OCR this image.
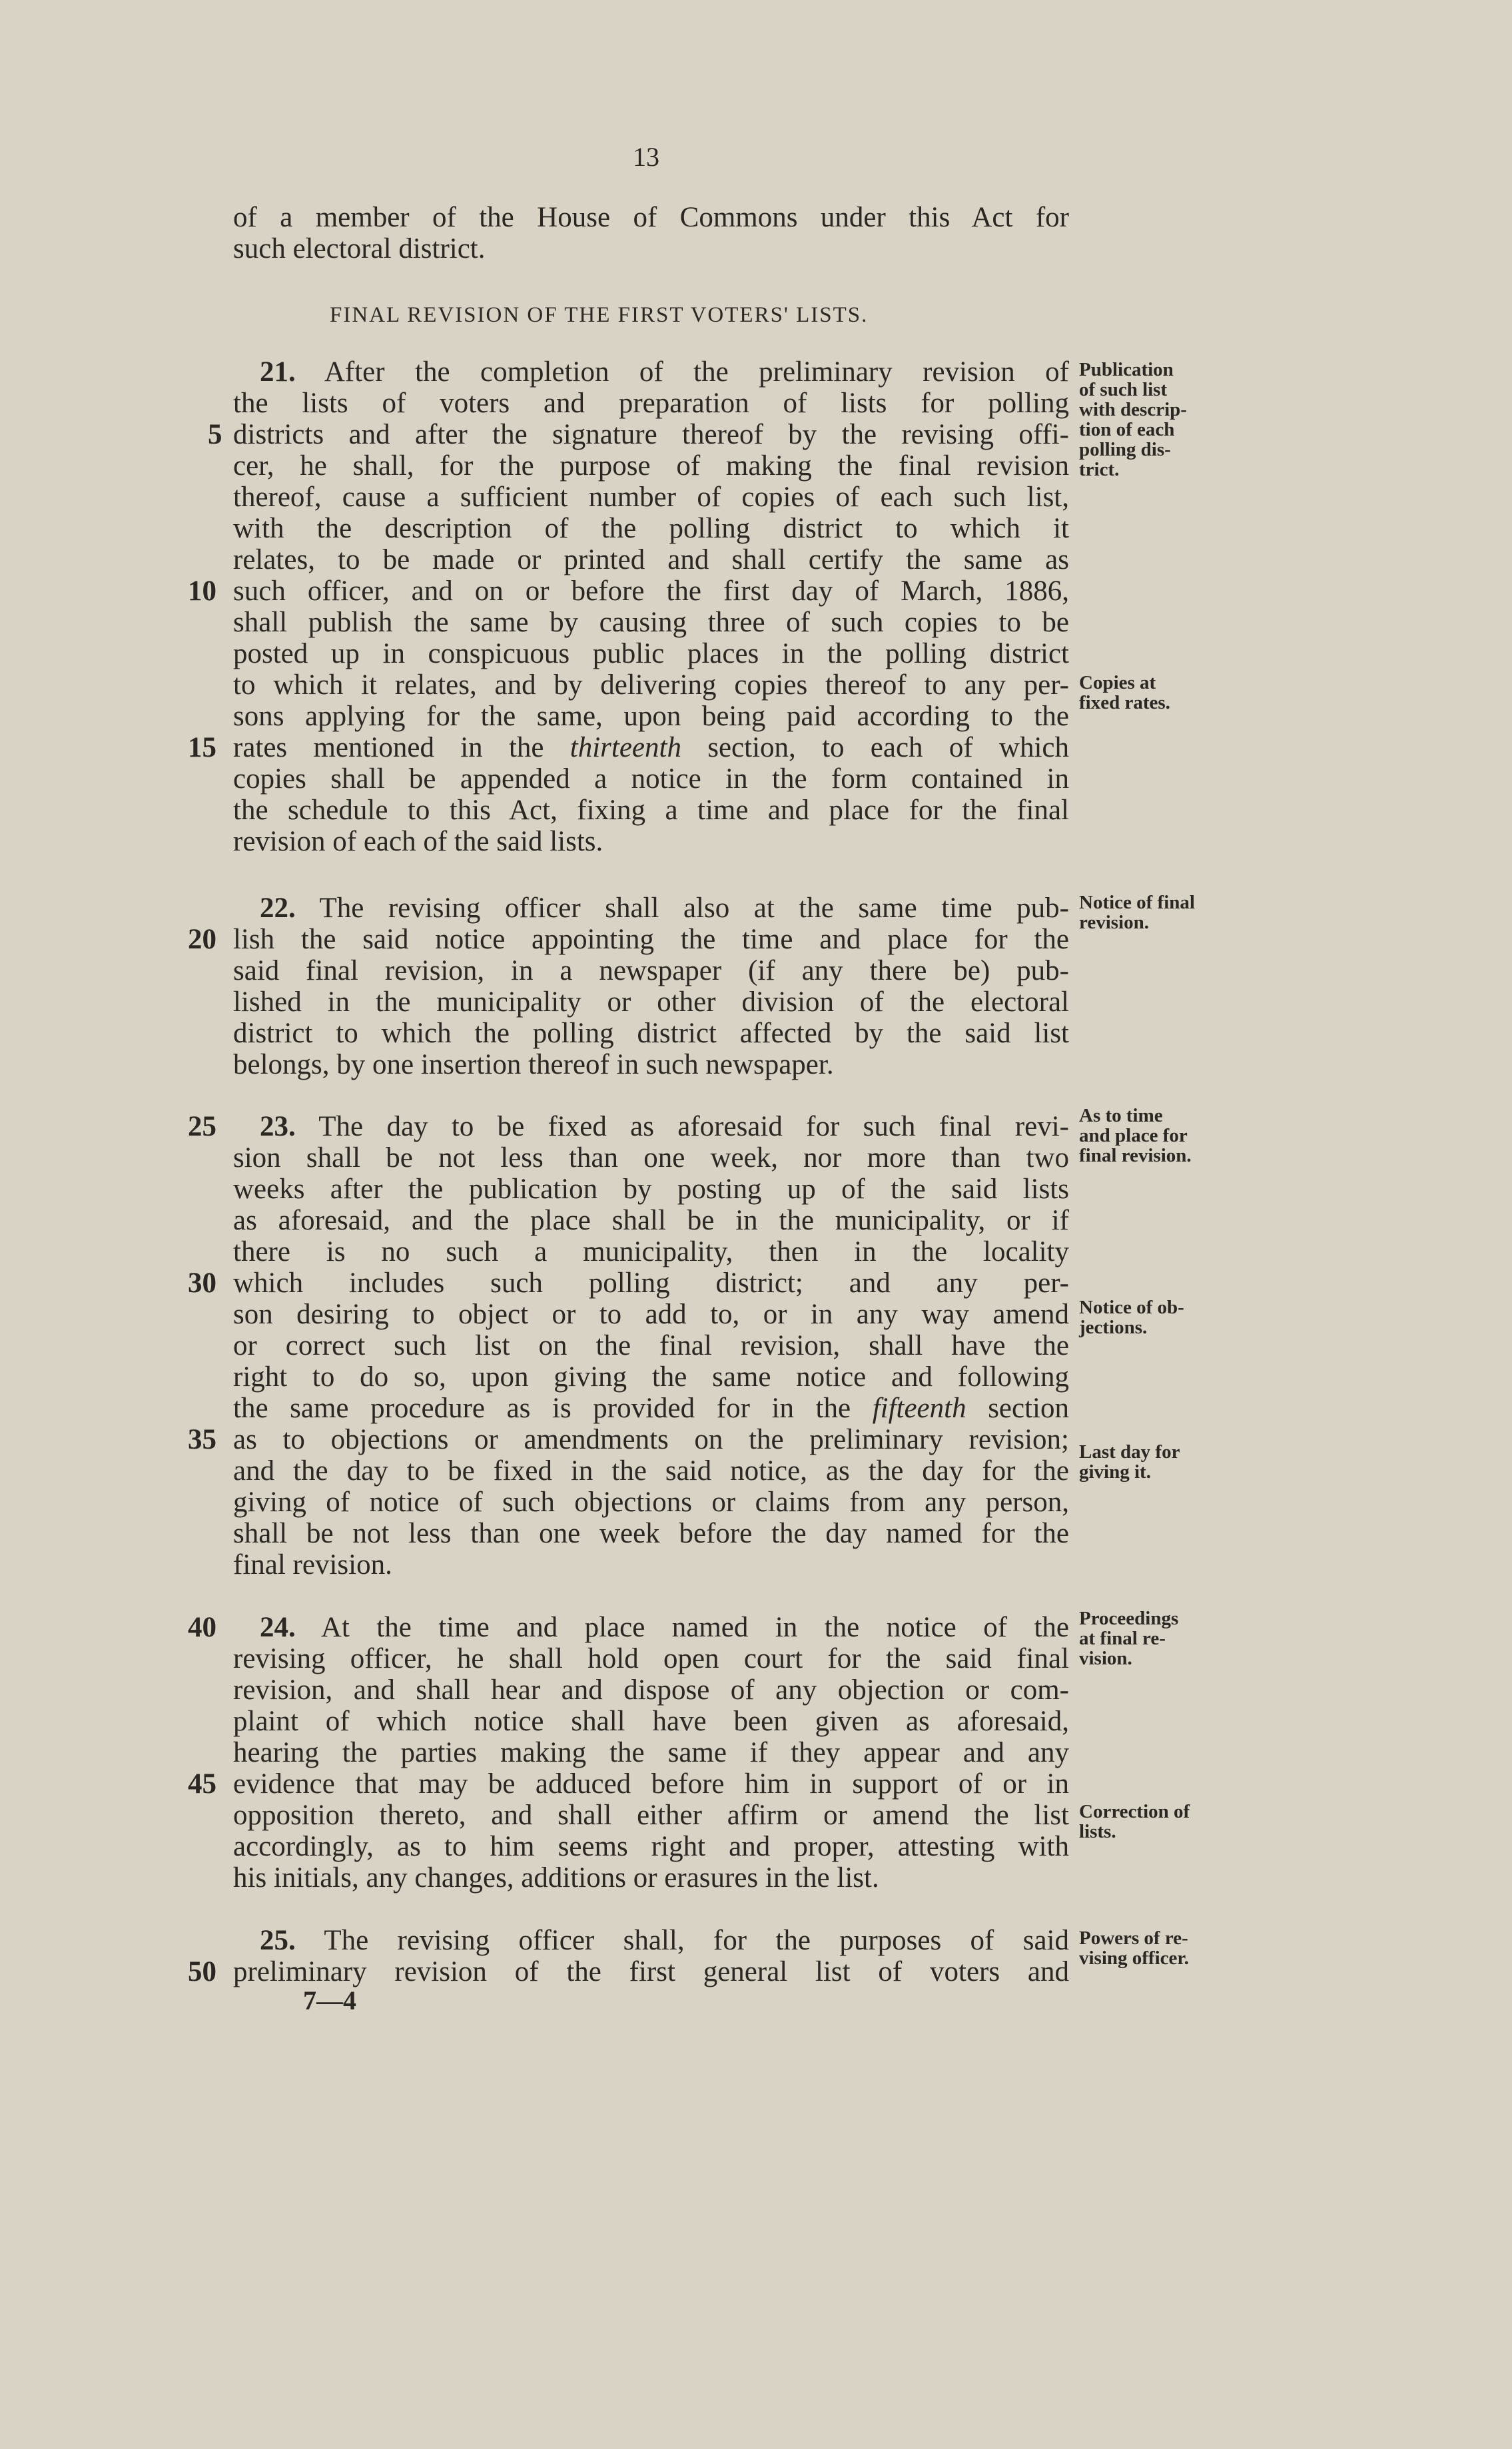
13
FINAL REVISION OF THE FIRST VOTERS' LISTS.
of a member of the House of Commons under this Act for
such electoral district.
21. After the completion of the preliminary revision of
the lists of voters and preparation of lists for polling
districts and after the signature thereof by the revising offi-
cer, he shall, for the purpose of making the final revision
thereof, cause a sufficient number of copies of each such list,
with the description of the polling district to which it
relates, to be made or printed and shall certify the same as
such officer, and on or before the first day of March, 1886,
shall publish the same by causing three of such copies to be
posted up in conspicuous public places in the polling district
to which it relates, and by delivering copies thereof to any per-
sons applying for the same, upon being paid according to the
rates mentioned in the thirteenth section, to each of which
copies shall be appended a notice in the form contained in
the schedule to this Act, fixing a time and place for the final
revision of each of the said lists.
22. The revising officer shall also at the same time pub-
lish the said notice appointing the time and place for the
said final revision, in a newspaper (if any there be) pub-
lished in the municipality or other division of the electoral
district to which the polling district affected by the said list
belongs, by one insertion thereof in such newspaper.
23. The day to be fixed as aforesaid for such final revi-
sion shall be not less than one week, nor more than two
weeks after the publication by posting up of the said lists
as aforesaid, and the place shall be in the municipality, or if
there is no such a municipality, then in the locality
which includes such polling district; and any per-
son desiring to object or to add to, or in any way amend
or correct such list on the final revision, shall have the
right to do so, upon giving the same notice and following
the same procedure as is provided for in the fifteenth section
as to objections or amendments on the preliminary revision;
and the day to be fixed in the said notice, as the day for the
giving of notice of such objections or claims from any person,
shall be not less than one week before the day named for the
final revision.
24. At the time and place named in the notice of the
revising officer, he shall hold open court for the said final
revision, and shall hear and dispose of any objection or com-
plaint of which notice shall have been given as aforesaid,
hearing the parties making the same if they appear and any
evidence that may be adduced before him in support of or in
opposition thereto, and shall either affirm or amend the list
accordingly, as to him seems right and proper, attesting with
his initials, any changes, additions or erasures in the list.
25. The revising officer shall, for the purposes of said
preliminary revision of the first general list of voters and
5
10
15
20
25
30
35
40
45
50
Publication
of such list
with descrip-
tion of each
polling dis-
trict.
Copies at
fixed rates.
Notice of final
revision.
As to time
and place for
final revision.
Notice of ob-
jections.
Last day for
giving it.
Proceedings
at final re-
vision.
Correction of
lists.
Powers of re-
vising officer.
7—4
